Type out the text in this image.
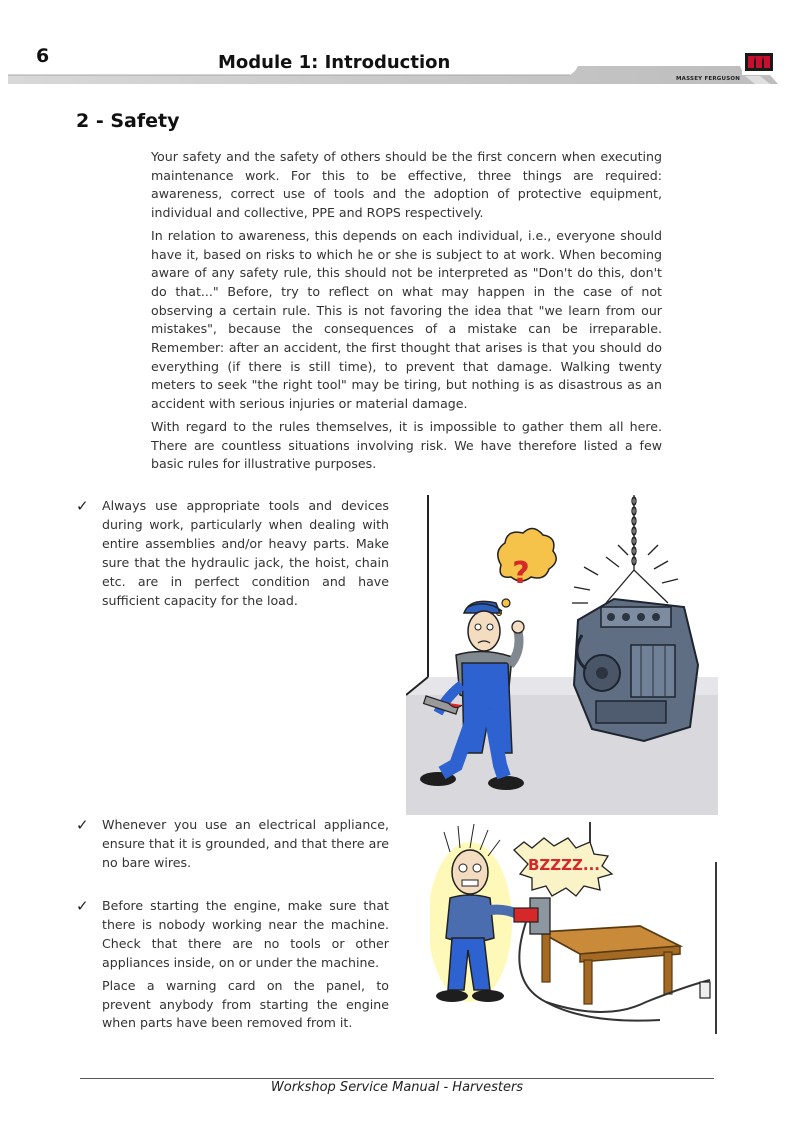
6	Module 1: Introduction
MASSEY FERGUSON
2 - Safety

Your safety and the safety of others should be the first concern when executing maintenance work. For this to be effective, three things are required: awareness, correct use of tools and the adoption of protective equipment, individual and collective, PPE and ROPS respectively.

In relation to awareness, this depends on each individual, i.e., everyone should have it, based on risks to which he or she is subject to at work. When becoming aware of any safety rule, this should not be interpreted as "Don't do this, don't do that..." Before, try to reflect on what may happen in the case of not observing a certain rule. This is not favoring the idea that "we learn from our mistakes", because the consequences of a mistake can be irreparable. Remember: after an accident, the first thought that arises is that you should do everything (if there is still time), to prevent that damage. Walking twenty meters to seek "the right tool" may be tiring, but nothing is as disastrous as an accident with serious injuries or material damage.

With regard to the rules themselves, it is impossible to gather them all here. There are countless situations involving risk. We have therefore listed a few basic rules for illustrative purposes.

✓ Always use appropriate tools and devices during work, particularly when dealing with entire assemblies and/or heavy parts. Make sure that the hydraulic jack, the hoist, chain etc. are in perfect condition and have sufficient capacity for the load.

✓ Whenever you use an electrical appliance, ensure that it is grounded, and that there are no bare wires.

✓ Before starting the engine, make sure that there is nobody working near the machine. Check that there are no tools or other appliances inside, on or under the machine.

Place a warning card on the panel, to prevent anybody from starting the engine when parts have been removed from it.

?
BZZZZ...
Workshop Service Manual - Harvesters
